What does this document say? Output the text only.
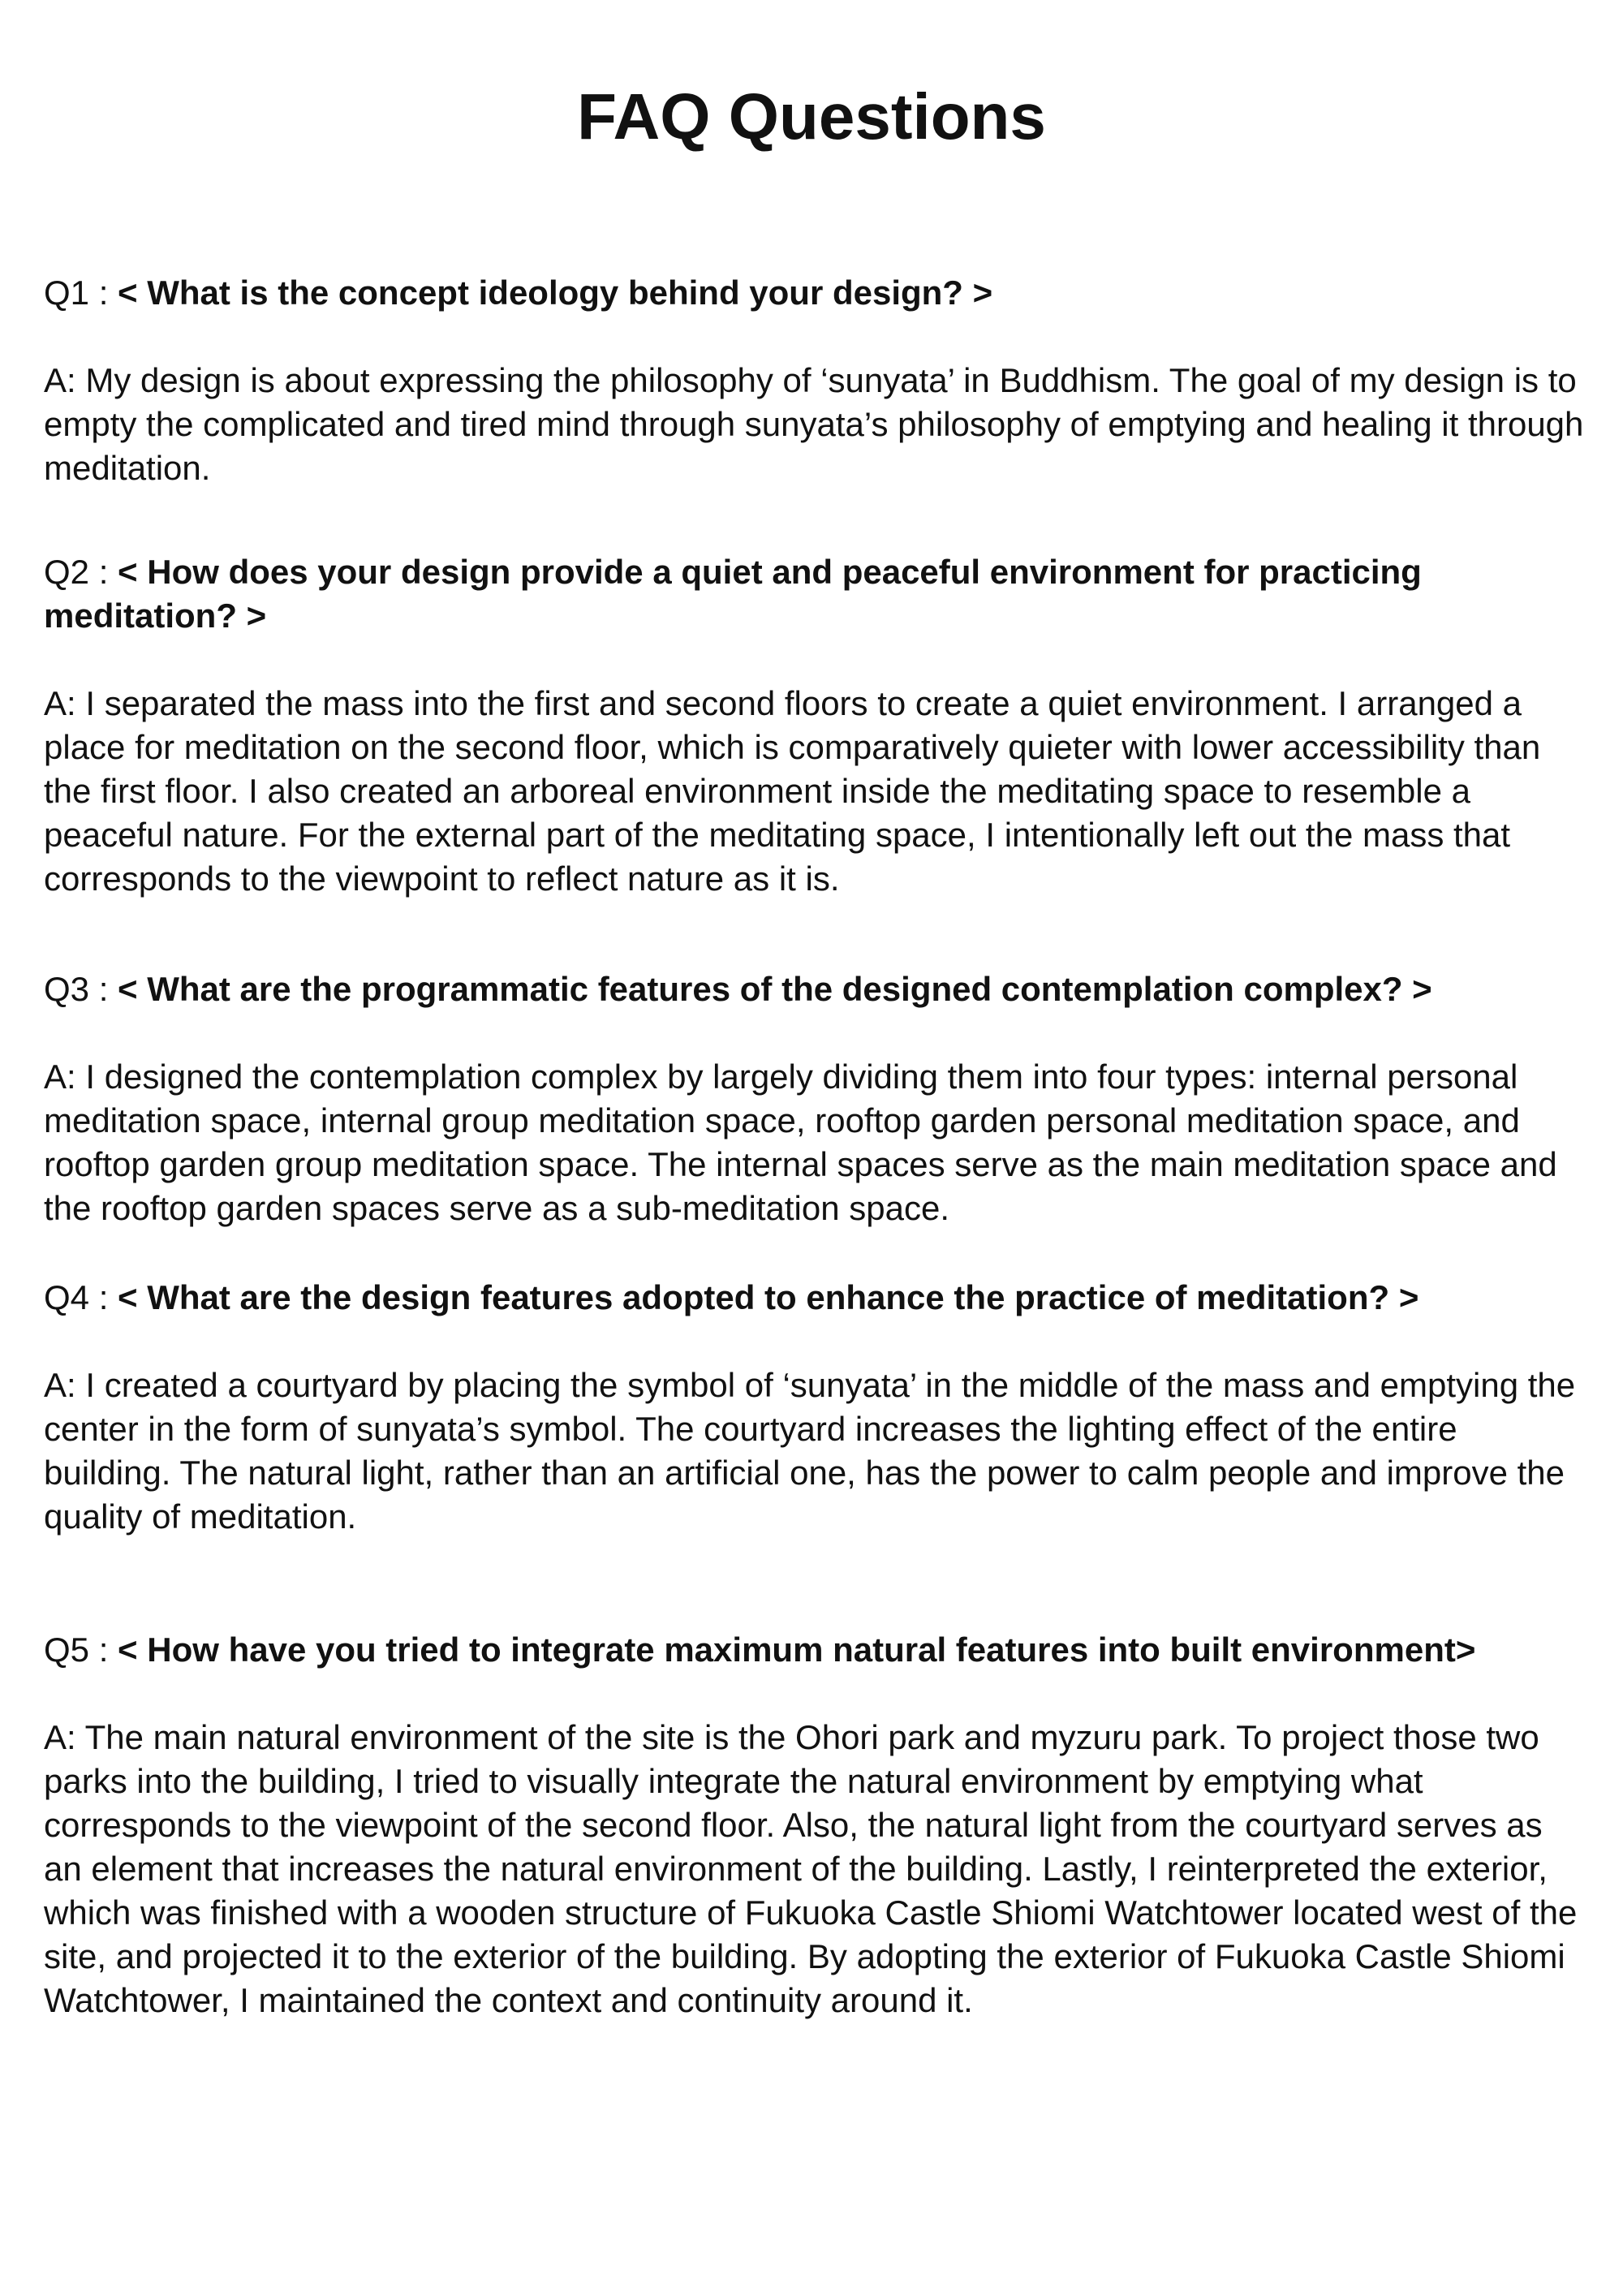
FAQ Questions

Q1 : < What is the concept ideology behind your design? >

A: My design is about expressing the philosophy of ‘sunyata’ in Buddhism. The goal of my design is to empty the complicated and tired mind through sunyata’s philosophy of emptying and healing it through meditation.

Q2 : < How does your design provide a quiet and peaceful environment for practicing meditation? >

A: I separated the mass into the first and second floors to create a quiet environment. I arranged a place for meditation on the second floor, which is comparatively quieter with lower accessibility than the first floor. I also created an arboreal environment inside the meditating space to resemble a peaceful nature. For the external part of the meditating space, I intentionally left out the mass that corresponds to the viewpoint to reflect nature as it is.

Q3 : < What are the programmatic features of the designed contemplation complex? >

A: I designed the contemplation complex by largely dividing them into four types: internal personal meditation space, internal group meditation space, rooftop garden personal meditation space, and rooftop garden group meditation space. The internal spaces serve as the main meditation space and the rooftop garden spaces serve as a sub-meditation space.

Q4 : < What are the design features adopted to enhance the practice of meditation? >

A: I created a courtyard by placing the symbol of ‘sunyata’ in the middle of the mass and emptying the center in the form of sunyata’s symbol. The courtyard increases the lighting effect of the entire building. The natural light, rather than an artificial one, has the power to calm people and improve the quality of meditation.

Q5 : < How have you tried to integrate maximum natural features into built environment>

A: The main natural environment of the site is the Ohori park and myzuru park. To project those two parks into the building, I tried to visually integrate the natural environment by emptying what corresponds to the viewpoint of the second floor. Also, the natural light from the courtyard serves as an element that increases the natural environment of the building. Lastly, I reinterpreted the exterior, which was finished with a wooden structure of Fukuoka Castle Shiomi Watchtower located west of the site, and projected it to the exterior of the building. By adopting the exterior of Fukuoka Castle Shiomi Watchtower, I maintained the context and continuity around it.
